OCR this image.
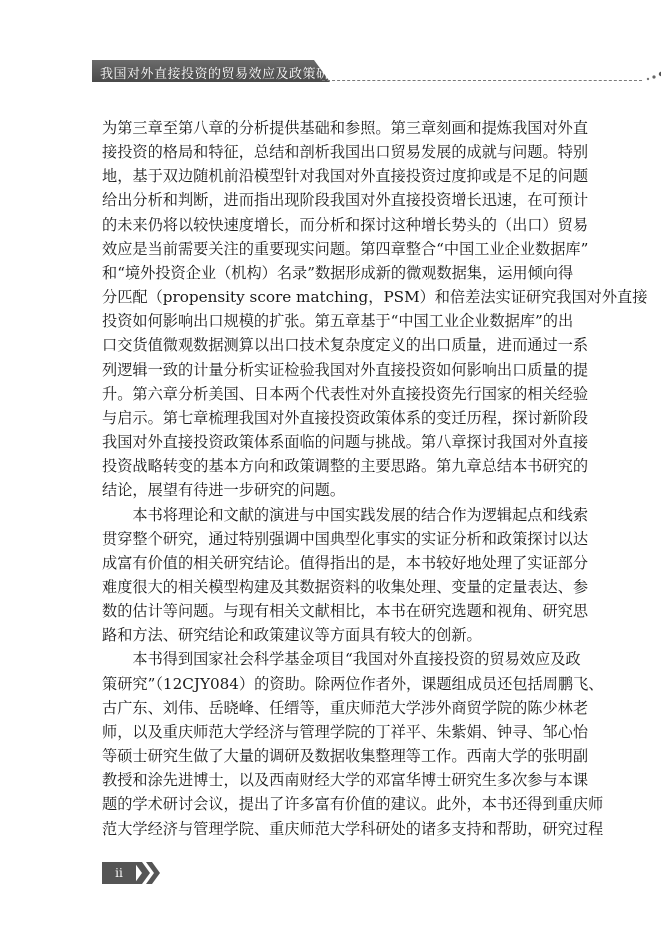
我国对外直接投资的贸易效应及政策研究

为第三章至第八章的分析提供基础和参照。第三章刻画和提炼我国对外直
接投资的格局和特征，总结和剖析我国出口贸易发展的成就与问题。特别
地，基于双边随机前沿模型针对我国对外直接投资过度抑或是不足的问题
给出分析和判断，进而指出现阶段我国对外直接投资增长迅速，在可预计
的未来仍将以较快速度增长，而分析和探讨这种增长势头的（出口）贸易
效应是当前需要关注的重要现实问题。第四章整合“中国工业企业数据库”
和“境外投资企业（机构）名录”数据形成新的微观数据集，运用倾向得
分匹配（propensity score matching，PSM）和倍差法实证研究我国对外直接
投资如何影响出口规模的扩张。第五章基于“中国工业企业数据库”的出
口交货值微观数据测算以出口技术复杂度定义的出口质量，进而通过一系
列逻辑一致的计量分析实证检验我国对外直接投资如何影响出口质量的提
升。第六章分析美国、日本两个代表性对外直接投资先行国家的相关经验
与启示。第七章梳理我国对外直接投资政策体系的变迁历程，探讨新阶段
我国对外直接投资政策体系面临的问题与挑战。第八章探讨我国对外直接
投资战略转变的基本方向和政策调整的主要思路。第九章总结本书研究的
结论，展望有待进一步研究的问题。

本书将理论和文献的演进与中国实践发展的结合作为逻辑起点和线索
贯穿整个研究，通过特别强调中国典型化事实的实证分析和政策探讨以达
成富有价值的相关研究结论。值得指出的是，本书较好地处理了实证部分
难度很大的相关模型构建及其数据资料的收集处理、变量的定量表达、参
数的估计等问题。与现有相关文献相比，本书在研究选题和视角、研究思
路和方法、研究结论和政策建议等方面具有较大的创新。

本书得到国家社会科学基金项目“我国对外直接投资的贸易效应及政
策研究”（12CJY084）的资助。除两位作者外，课题组成员还包括周鹏飞、
古广东、刘伟、岳晓峰、任缙等，重庆师范大学涉外商贸学院的陈少林老
师，以及重庆师范大学经济与管理学院的丁祥平、朱紫娟、钟寻、邹心怡
等硕士研究生做了大量的调研及数据收集整理等工作。西南大学的张明副
教授和涂先进博士，以及西南财经大学的邓富华博士研究生多次参与本课
题的学术研讨会议，提出了许多富有价值的建议。此外，本书还得到重庆师
范大学经济与管理学院、重庆师范大学科研处的诸多支持和帮助，研究过程

ii
